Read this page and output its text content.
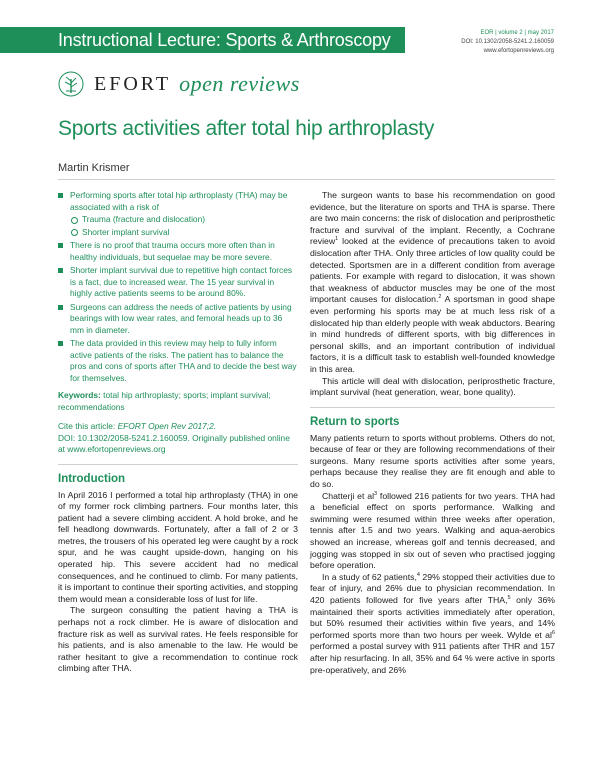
Instructional Lecture: Sports & Arthroscopy	EOR | volume 2 | may 2017
DOI: 10.1302/2058-5241.2.160059
www.efortopenreviews.org
EFORT open reviews
Sports activities after total hip arthroplasty
Martin Krismer
Performing sports after total hip arthroplasty (THA) may be associated with a risk of
Trauma (fracture and dislocation)
Shorter implant survival
There is no proof that trauma occurs more often than in healthy individuals, but sequelae may be more severe.
Shorter implant survival due to repetitive high contact forces is a fact, due to increased wear. The 15 year survival in highly active patients seems to be around 80%.
Surgeons can address the needs of active patients by using bearings with low wear rates, and femoral heads up to 36 mm in diameter.
The data provided in this review may help to fully inform active patients of the risks. The patient has to balance the pros and cons of sports after THA and to decide the best way for themselves.
Keywords: total hip arthroplasty; sports; implant survival; recommendations
Cite this article: EFORT Open Rev 2017;2.
DOI: 10.1302/2058-5241.2.160059. Originally published online at www.efortopenreviews.org
Introduction

In April 2016 I performed a total hip arthroplasty (THA) in one of my former rock climbing partners. Four months later, this patient had a severe climbing accident. A hold broke, and he fell headlong downwards. Fortunately, after a fall of 2 or 3 metres, the trousers of his operated leg were caught by a rock spur, and he was caught upside-down, hanging on his operated hip. This severe accident had no medical consequences, and he continued to climb. For many patients, it is important to continue their sporting activities, and stopping them would mean a considerable loss of lust for life.

The surgeon consulting the patient having a THA is perhaps not a rock climber. He is aware of dislocation and fracture risk as well as survival rates. He feels responsible for his patients, and is also amenable to the law. He would be rather hesitant to give a recommendation to continue rock climbing after THA.

The surgeon wants to base his recommendation on good evidence, but the literature on sports and THA is sparse. There are two main concerns: the risk of dislocation and periprosthetic fracture and survival of the implant. Recently, a Cochrane review$^1$ looked at the evidence of precautions taken to avoid dislocation after THA. Only three articles of low quality could be detected. Sportsmen are in a different condition from average patients. For example with regard to dislocation, it was shown that weakness of abductor muscles may be one of the most important causes for dislocation.$^2$ A sportsman in good shape even performing his sports may be at much less risk of a dislocated hip than elderly people with weak abductors. Bearing in mind hundreds of different sports, with big differences in personal skills, and an important contribution of individual factors, it is a difficult task to establish well-founded knowledge in this area.

This article will deal with dislocation, periprosthetic fracture, implant survival (heat generation, wear, bone quality).

Return to sports

Many patients return to sports without problems. Others do not, because of fear or they are following recommendations of their surgeons. Many resume sports activities after some years, perhaps because they realise they are fit enough and able to do so.

Chatterji et $al^3$ followed 216 patients for two years. THA had a beneficial effect on sports performance. Walking and swimming were resumed within three weeks after operation, tennis after 1.5 and two years. Walking and aqua-aerobics showed an increase, whereas golf and tennis decreased, and jogging was stopped in six out of seven who practised jogging before operation.

In a study of 62 patients,$^4$ 29% stopped their activities due to fear of injury, and 26% due to physician recommendation. In 420 patients followed for five years after THA,$^5$ only 36% maintained their sports activities immediately after operation, but 50% resumed their activities within five years, and 14% performed sports more than two hours per week. Wylde et $al^6$ performed a postal survey with 911 patients after THR and 157 after hip resurfacing. In all, 35% and 64 % were active in sports pre-operatively, and 26%
